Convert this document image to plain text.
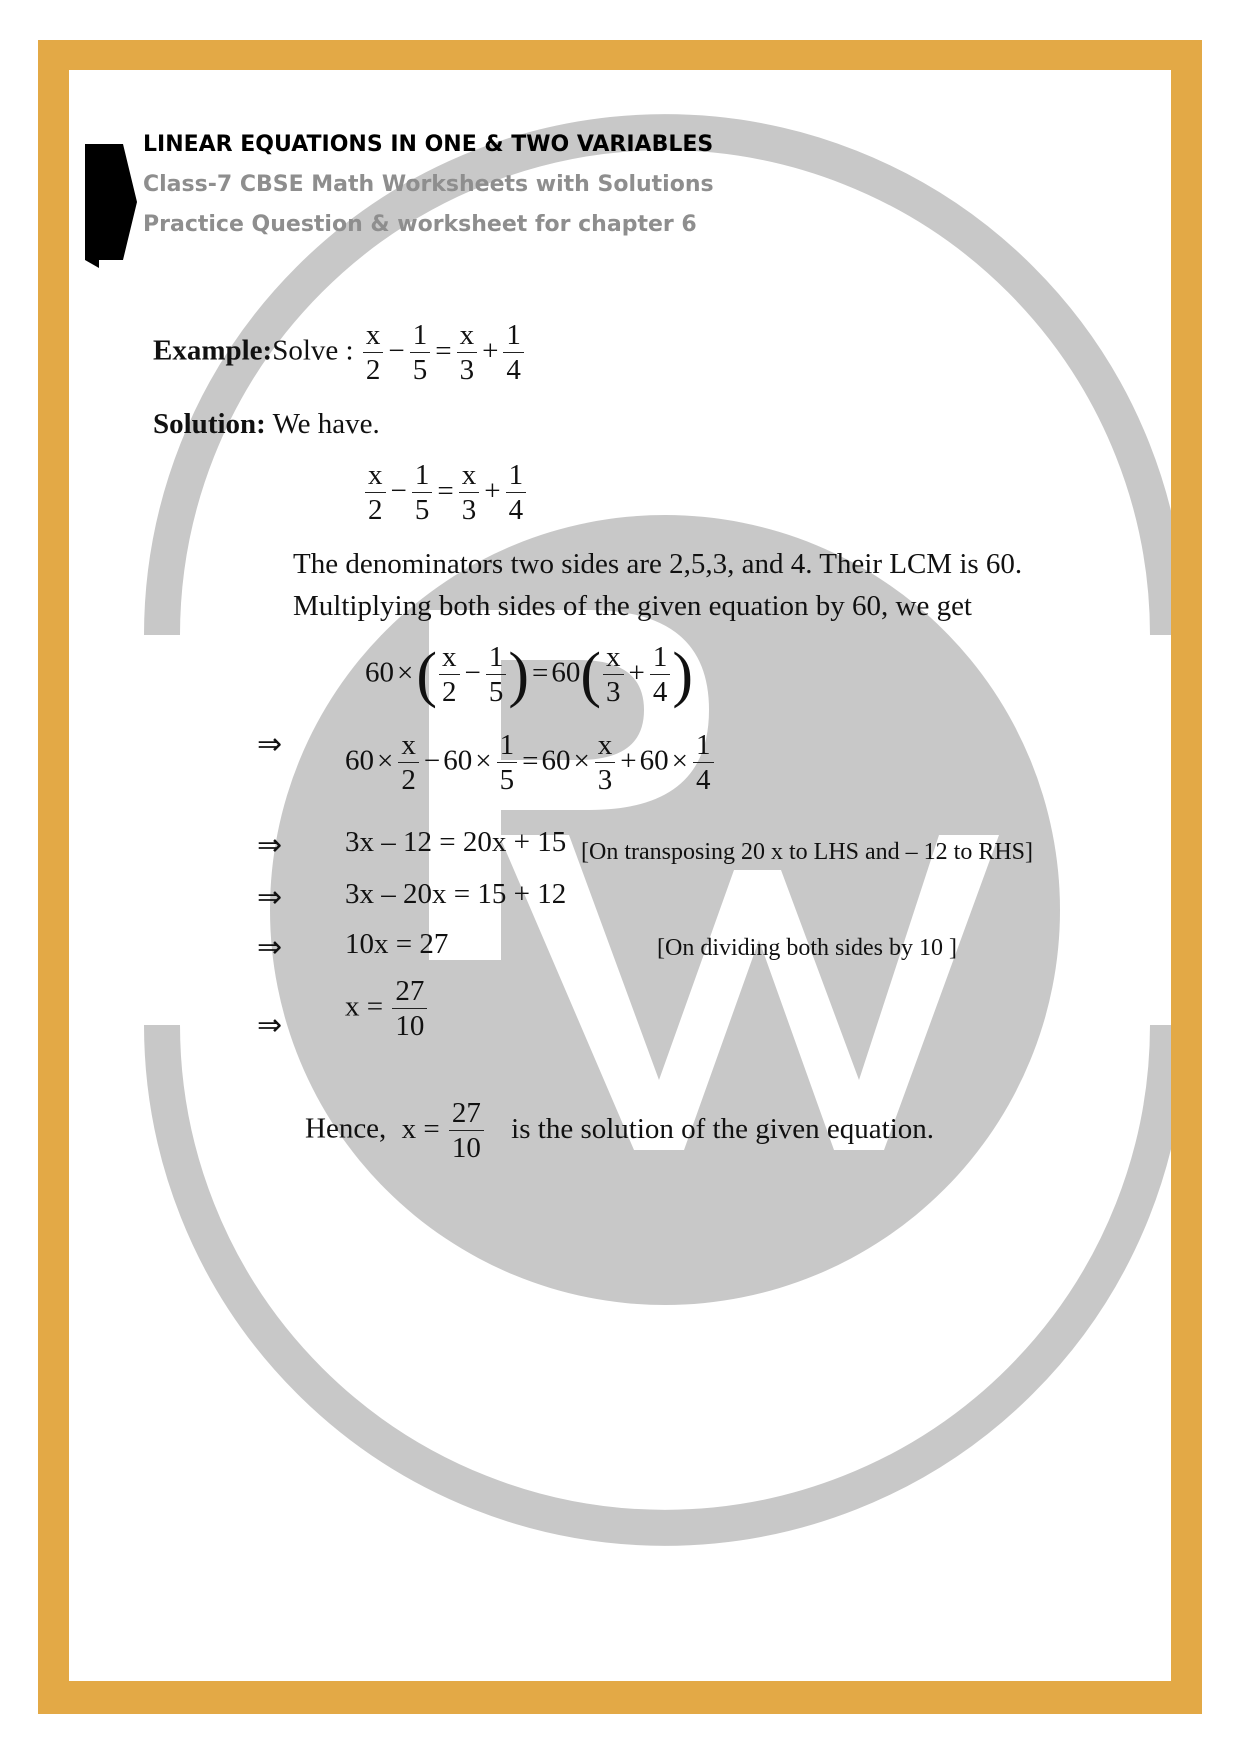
LINEAR EQUATIONS IN ONE & TWO VARIABLES
Class-7 CBSE Math Worksheets with Solutions
Practice Question & worksheet for chapter 6
Example:Solve : $\frac{x}{2} - \frac{1}{5} = \frac{x}{3} + \frac{1}{4}$
Solution: We have.
$\frac{x}{2} - \frac{1}{5} = \frac{x}{3} + \frac{1}{4}$
The denominators two sides are 2,5,3, and 4. Their LCM is 60.
Multiplying both sides of the given equation by 60, we get
60 ×( $\frac{x}{2} - \frac{1}{5}$ ) = $60( \frac{x}{3} + \frac{1}{4}$ )
⇒ $60 \times \frac{x}{2} - 60 \times \frac{1}{5} = 60 \times \frac{x}{3} + 60 \times \frac{1}{4}$
⇒ 3x – 12 = 20x + 15 [On transposing 20 x to LHS and – 12 to RHS]
⇒ 3x – 20x = 15 + 12
⇒ 10x = 27	[On dividing both sides by 10 ]
⇒
$x = \frac{27}{10}$
Hence, $x = \frac{27}{10}$ is the solution of the given equation.
